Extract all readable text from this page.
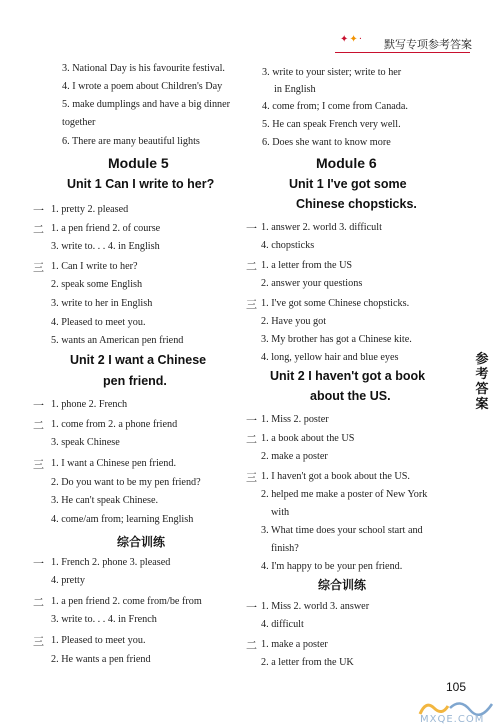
✦✦· 默写专项参考答案
3. National Day is his favourite festival.
4. I wrote a poem about Children's Day
5. make dumplings and have a big dinner
together
6. There are many beautiful lights
Module 5
Unit 1 Can I write to her?
一 1. pretty 2. pleased
二 1. a pen friend 2. of course
3. write to. . . 4. in English
三 1. Can I write to her?
2. speak some English
3. write to her in English
4. Pleased to meet you.
5. wants an American pen friend
Unit 2 I want a Chinese
pen friend.
一 1. phone 2. French
二 1. come from 2. a phone friend
3. speak Chinese
三 1. I want a Chinese pen friend.
2. Do you want to be my pen friend?
3. He can't speak Chinese.
4. come/am from; learning English
综合训练
一 1. French 2. phone 3. pleased
4. pretty
二 1. a pen friend 2. come from/be from
3. write to. . . 4. in French
三 1. Pleased to meet you.
2. He wants a pen friend
3. write to your sister; write to her
in English
4. come from; I come from Canada.
5. He can speak French very well.
6. Does she want to know more
Module 6
Unit 1 I've got some
Chinese chopsticks.
一 1. answer 2. world 3. difficult
4. chopsticks
二 1. a letter from the US
2. answer your questions
三 1. I've got some Chinese chopsticks.
2. Have you got
3. My brother has got a Chinese kite.
4. long, yellow hair and blue eyes
Unit 2 I haven't got a book
about the US.
一 1. Miss 2. poster
二 1. a book about the US
2. make a poster
三 1. I haven't got a book about the US.
2. helped me make a poster of New York
with
3. What time does your school start and
finish?
4. I'm happy to be your pen friend.
综合训练
一 1. Miss 2. world 3. answer
4. difficult
二 1. make a poster
2. a letter from the UK
参考答案
105
MXQE.COM
